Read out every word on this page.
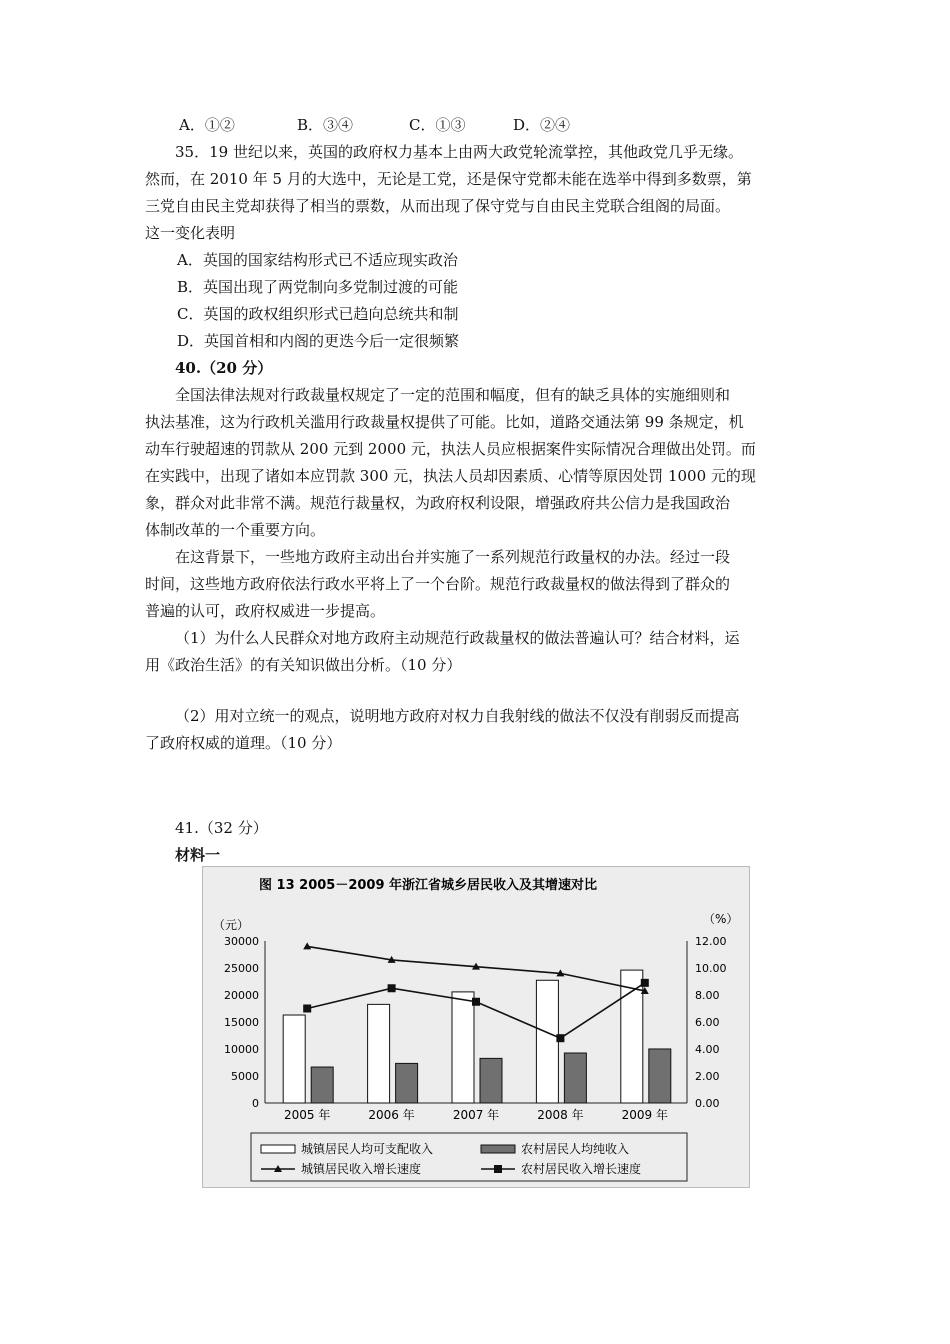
A．①②	B．③④	C．①③	D．②④

35．19 世纪以来，英国的政府权力基本上由两大政党轮流掌控，其他政党几乎无缘。

然而，在 2010 年 5 月的大选中，无论是工党，还是保守党都未能在选举中得到多数票，第

三党自由民主党却获得了相当的票数，从而出现了保守党与自由民主党联合组阁的局面。

这一变化表明

A．英国的国家结构形式已不适应现实政治

B．英国出现了两党制向多党制过渡的可能

C．英国的政权组织形式已趋向总统共和制

D．英国首相和内阁的更迭今后一定很频繁

40.（20 分）

全国法律法规对行政裁量权规定了一定的范围和幅度，但有的缺乏具体的实施细则和

执法基准，这为行政机关滥用行政裁量权提供了可能。比如，道路交通法第 99 条规定，机

动车行驶超速的罚款从 200 元到 2000 元，执法人员应根据案件实际情况合理做出处罚。而

在实践中，出现了诸如本应罚款 300 元，执法人员却因素质、心情等原因处罚 1000 元的现

象，群众对此非常不满。规范行裁量权，为政府权利设限，增强政府共公信力是我国政治

体制改革的一个重要方向。

在这背景下，一些地方政府主动出台并实施了一系列规范行政量权的办法。经过一段

时间，这些地方政府依法行政水平将上了一个台阶。规范行政裁量权的做法得到了群众的

普遍的认可，政府权威进一步提高。

（1）为什么人民群众对地方政府主动规范行政裁量权的做法普遍认可？结合材料，运

用《政治生活》的有关知识做出分析。（10 分）

（2）用对立统一的观点，说明地方政府对权力自我射线的做法不仅没有削弱反而提高

了政府权威的道理。（10 分）

41.（32 分）

材料一

图 13 2005－2009 年浙江省城乡居民收入及其增速对比
（元）	（%）
30000
25000
20000
15000
10000
5000
0
12.00
10.00
8.00
6.00
4.00
2.00
0.00
2005 年	2006 年	2007 年	2008 年	2009 年
城镇居民人均可支配收入	农村居民人均纯收入
城镇居民收入增长速度	农村居民收入增长速度
